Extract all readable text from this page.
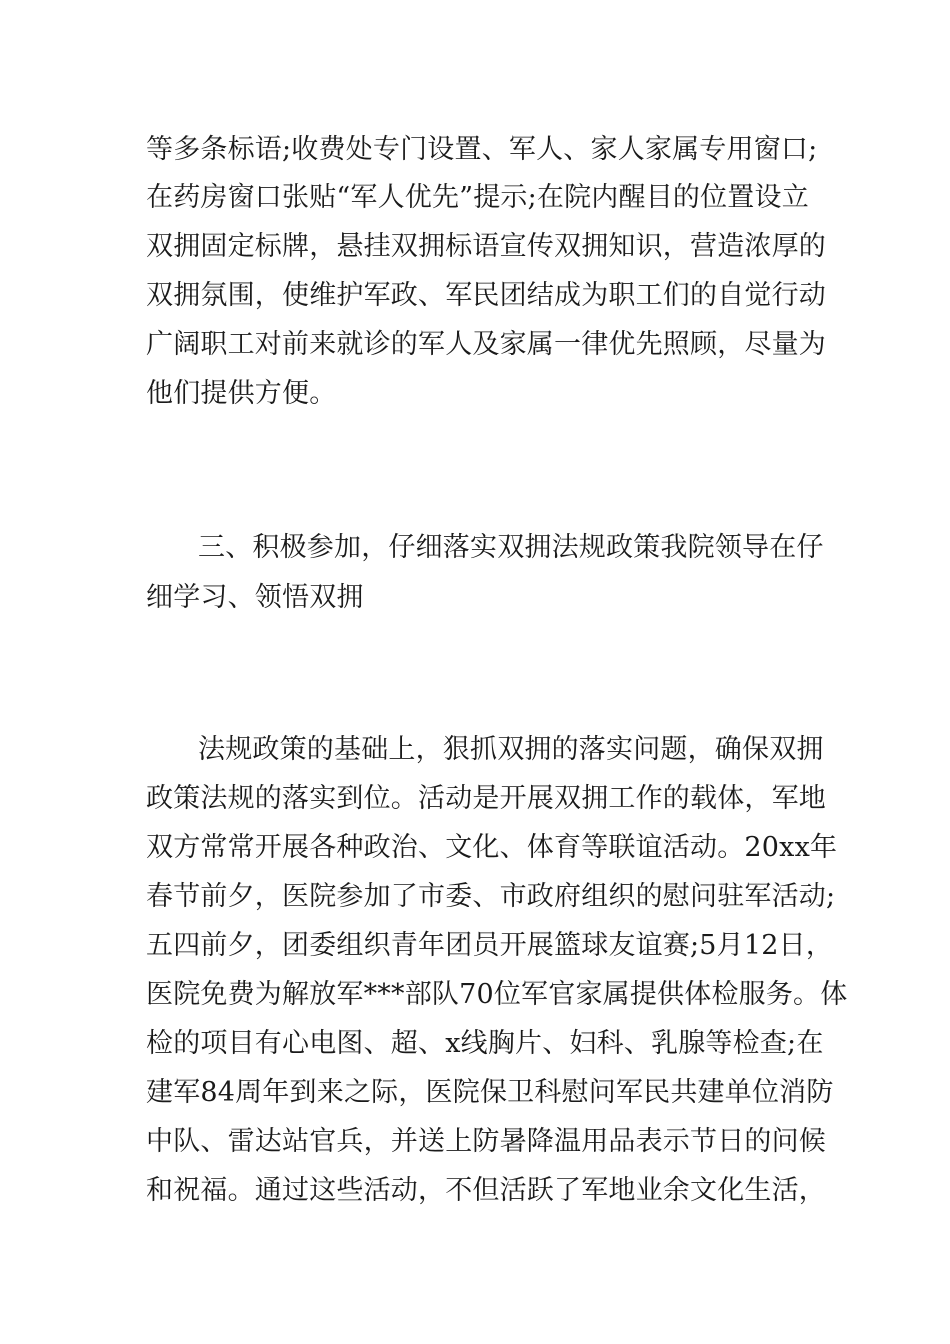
等多条标语;收费处专门设置、军人、家人家属专用窗口;
在药房窗口张贴“军人优先”提示;在院内醒目的位置设立
双拥固定标牌，悬挂双拥标语宣传双拥知识，营造浓厚的
双拥氛围，使维护军政、军民团结成为职工们的自觉行动
广阔职工对前来就诊的军人及家属一律优先照顾，尽量为
他们提供方便。
三、积极参加，仔细落实双拥法规政策我院领导在仔
细学习、领悟双拥
法规政策的基础上，狠抓双拥的落实问题，确保双拥
政策法规的落实到位。活动是开展双拥工作的载体，军地
双方常常开展各种政治、文化、体育等联谊活动。20xx年
春节前夕，医院参加了市委、市政府组织的慰问驻军活动;
五四前夕，团委组织青年团员开展篮球友谊赛;5月12日，
医院免费为解放军***部队70位军官家属提供体检服务。体
检的项目有心电图、超、x线胸片、妇科、乳腺等检查;在
建军84周年到来之际，医院保卫科慰问军民共建单位消防
中队、雷达站官兵，并送上防暑降温用品表示节日的问候
和祝福。通过这些活动，不但活跃了军地业余文化生活，
